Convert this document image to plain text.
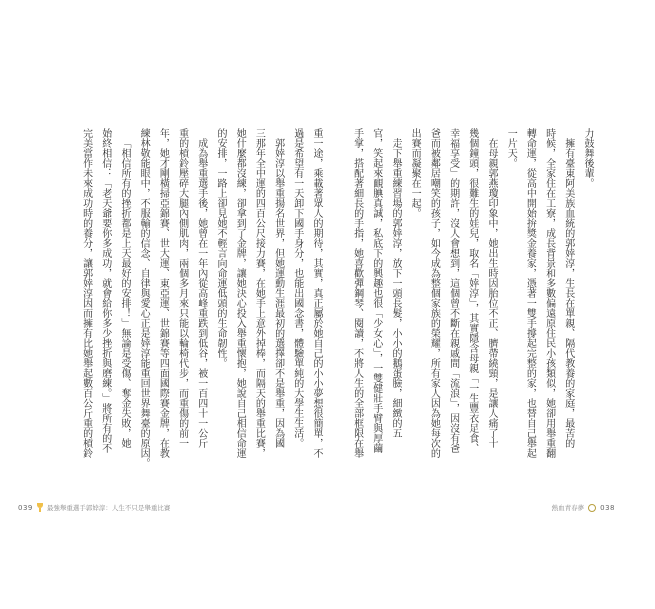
力鼓舞後輩。
擁有臺東阿美族血統的郭婞淳，生長在單親、隔代教養的家庭，最苦的
時候，全家住在工寮，成長背景和多數偏遠原住民小孩類似，她卻用舉重翻
轉命運，從高中開始拚獎金養家，憑著一雙手撐起完整的家，也替自己舉起
一片天。
在母親郭燕瓊印象中，她出生時因胎位不正、臍帶繞頸，是讓人痛了十
幾個鐘頭，很難生的娃兒，取名「婞淳」，其實隱含母親「一生豐衣足食、
幸福享受」的期許，沒人會想到，這個曾不斷在親戚間「流浪」，因沒有爸
爸而被鄰居嘲笑的孩子，如今成為整個家族的榮耀，所有家人因為她每次的
出賽而凝聚在一起。
走下舉重練習場的郭婞淳，放下一頭長髮，小小的鵝蛋臉，細緻的五
官，笑起來靦腆真誠，私底下的興趣也很「少女心」，一雙健壯手臂與厚繭
手掌，搭配著細長的手指，她喜歡彈鋼琴、閱讀，不將人生的全部框限在舉
重一途，乘載著眾人的期待，其實，真正屬於她自己的小小夢想很簡單，不
過是希望有一天卸下國手身分，也能出國念書，體驗單純的大學生生活。
郭婞淳以舉重揚名世界，但她運動生涯最初的選擇卻不是舉重，因為國
三那年全中運的四百公尺接力賽，在她手上意外掉棒，而隔天的舉重比賽，
她什麼都沒練，卻拿到了金牌，讓她決心投入舉重懷抱，她說自己相信命運
的安排，一路上卻見她不輕言向命運低頭的生命韌性。
成為舉重選手後，她曾在一年內從高峰重跌到低谷，被一百四十一公斤
重的槓鈴壓碎大腿內側肌肉，兩個多月來只能以輪椅代步，而重傷的前一
年，她才剛橫掃亞錦賽、世大運、東亞運、世錦賽等四面國際賽金牌，在教
練林敬能眼中，不服輸的信念、自律與愛心正是婞淳能重回世界舞臺的原因。
「相信所有的挫折都是上天最好的安排！」無論是受傷、奪金失敗，她
始終相信：「老天爺要你多成功，就會給你多少挫折與磨練。」將所有的不
完美當作未來成功時的養分，讓郭婞淳因而擁有比她舉起數百公斤重的槓鈴
039 最強舉重選手郭婞淳：人生不只是舉重比賽	熱血青春夢 038
